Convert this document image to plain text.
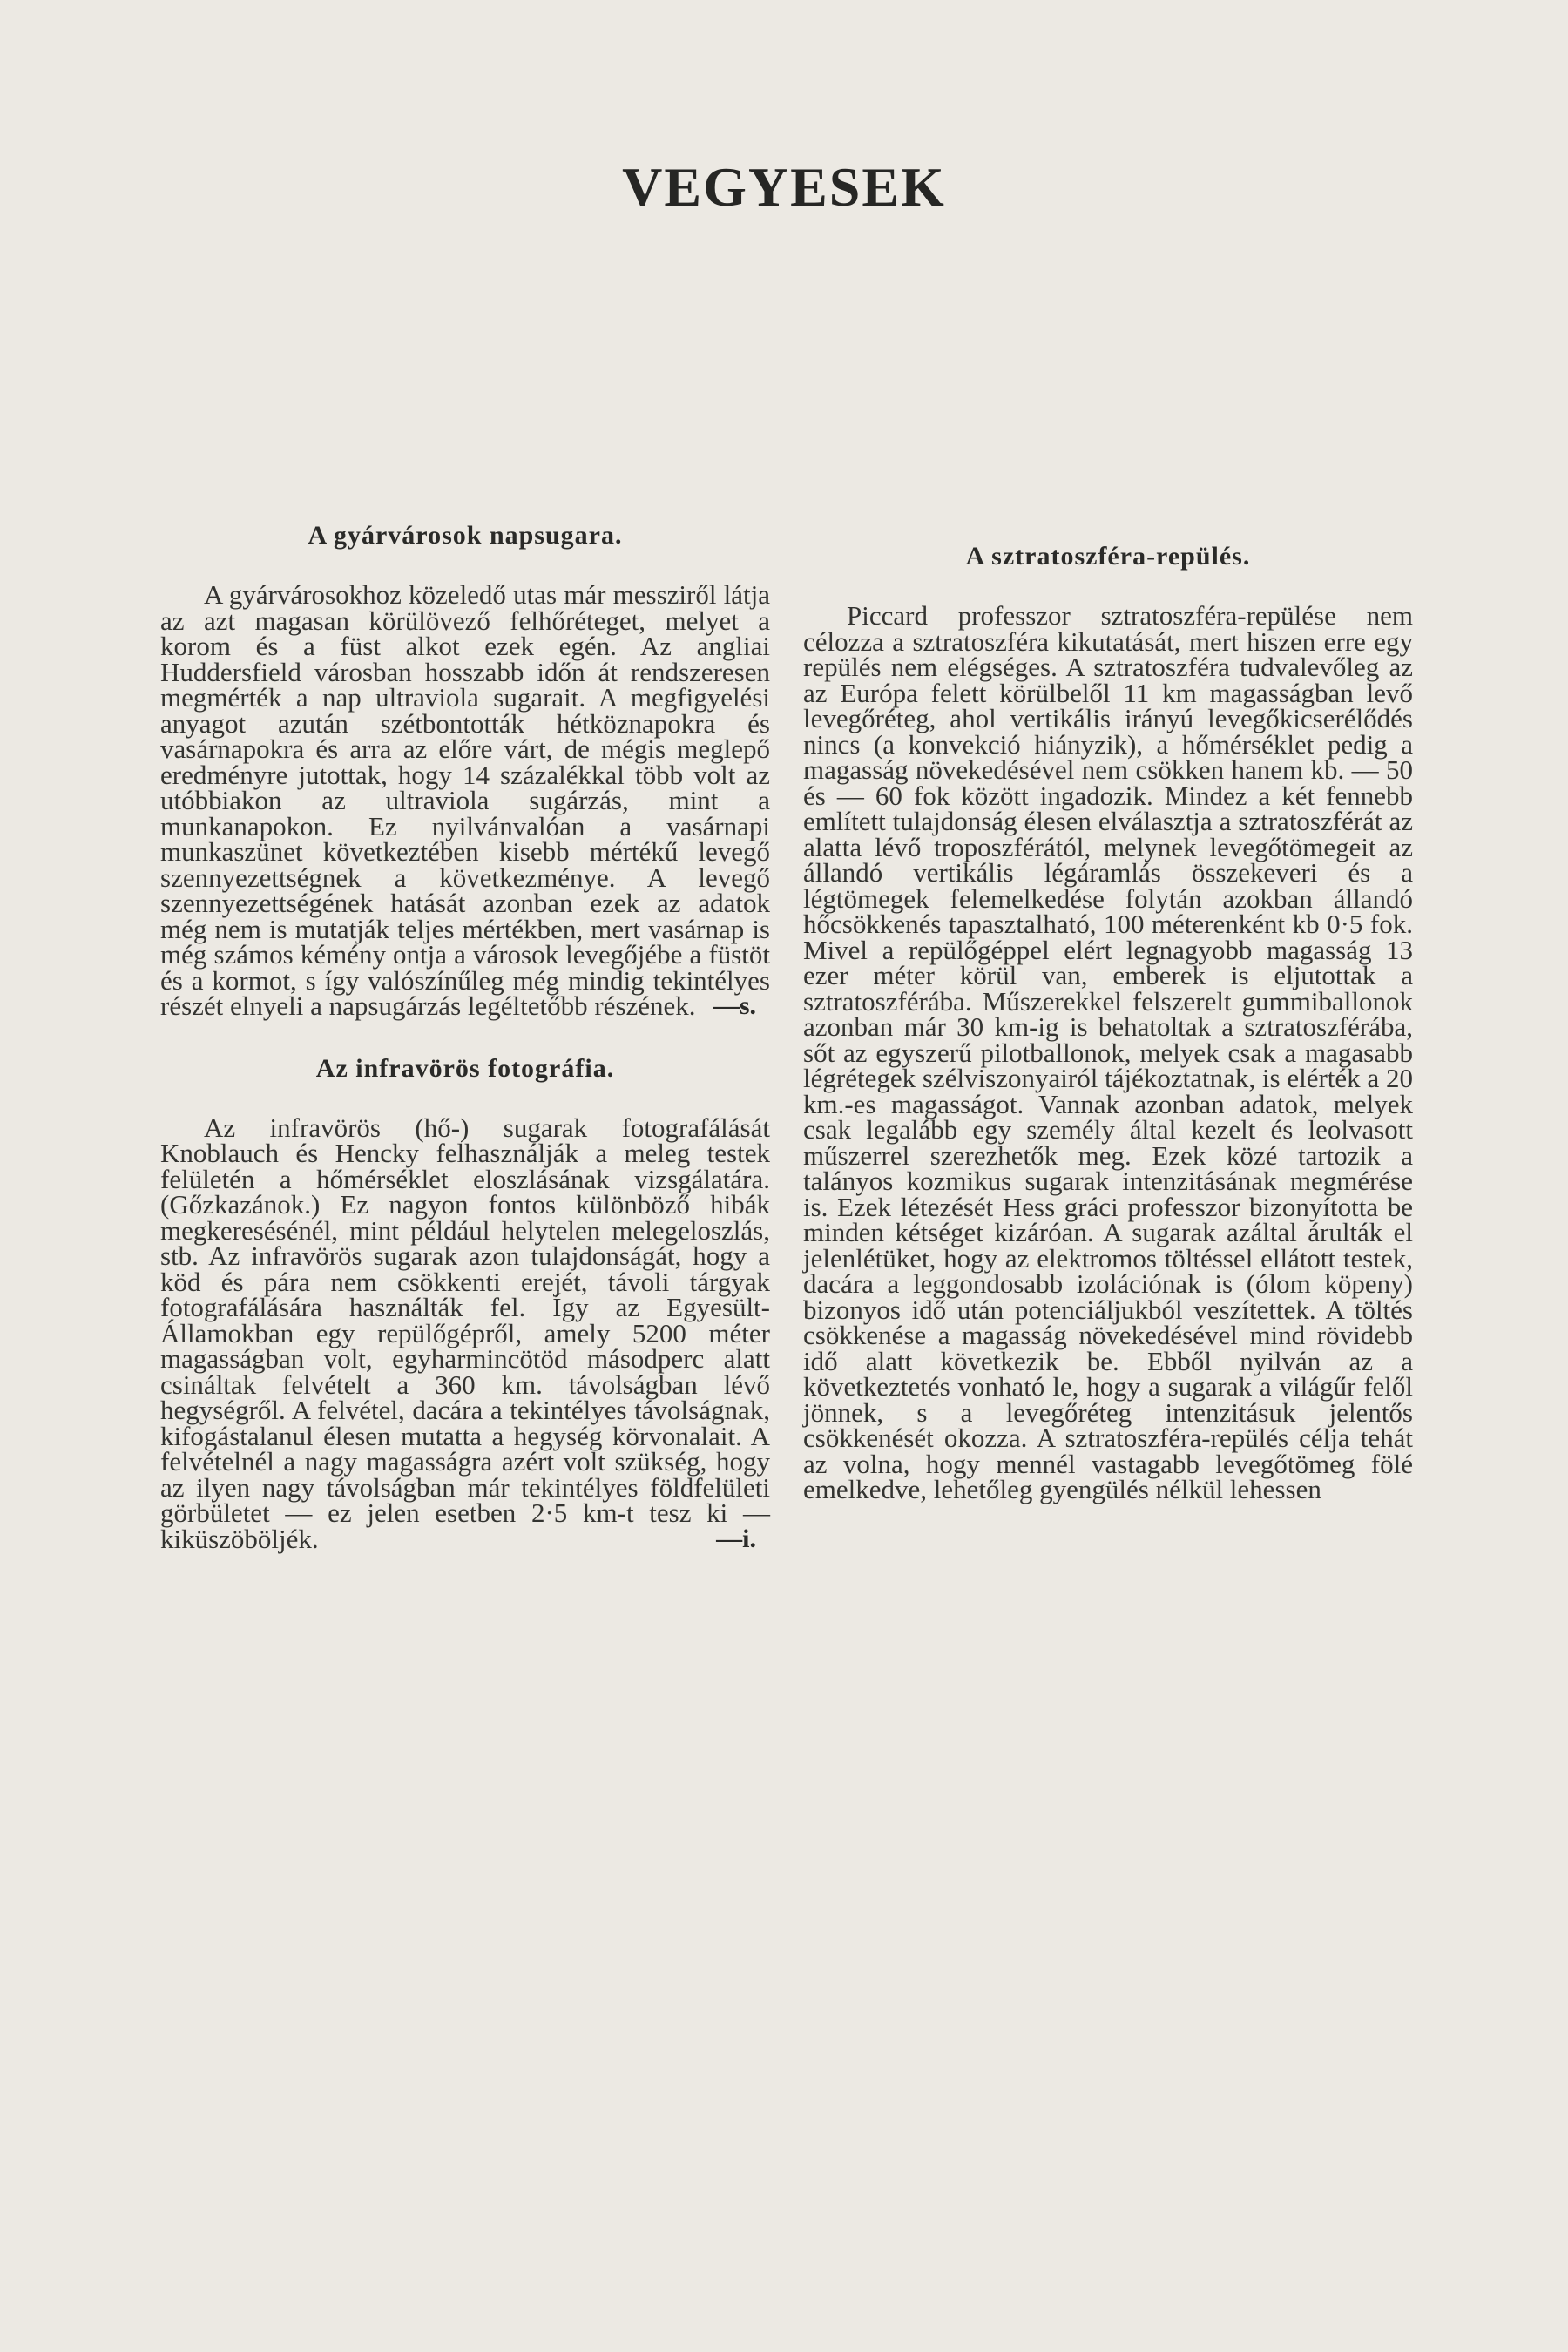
VEGYESEK
A gyárvárosok napsugara.

A gyárvárosokhoz közeledő utas már messziről látja az azt magasan körülövező felhőréteget, melyet a korom és a füst alkot ezek egén. Az angliai Huddersfield városban hosszabb időn át rendszeresen megmérték a nap ultraviola sugarait. A megfigyelési anyagot azután szétbontották hétköznapokra és vasárnapokra és arra az előre várt, de mégis meglepő eredményre jutottak, hogy 14 százalékkal több volt az utóbbiakon az ultraviola sugárzás, mint a munkanapokon. Ez nyilvánvalóan a vasárnapi munkaszünet következtében kisebb mértékű levegő szennyezettségnek a következménye. A levegő szennyezettségének hatását azonban ezek az adatok még nem is mutatják teljes mértékben, mert vasárnap is még számos kémény ontja a városok levegőjébe a füstöt és a kormot, s így valószínűleg még mindig tekintélyes részét elnyeli a napsugárzás legéltetőbb részének. —s.
Az infravörös fotográfia.

Az infravörös (hő-) sugarak fotografálását Knoblauch és Hencky felhasználják a meleg testek felületén a hőmérséklet eloszlásának vizsgálatára. (Gőzkazánok.) Ez nagyon fontos különböző hibák megkeresésénél, mint például helytelen melegeloszlás, stb. Az infravörös sugarak azon tulajdonságát, hogy a köd és pára nem csökkenti erejét, távoli tárgyak fotografálására használták fel. Így az Egyesült-Államokban egy repülőgépről, amely 5200 méter magasságban volt, egyharmincötöd másodperc alatt csináltak felvételt a 360 km. távolságban lévő hegységről. A felvétel, dacára a tekintélyes távolságnak, kifogástalanul élesen mutatta a hegység körvonalait. A felvételnél a nagy magasságra azért volt szükség, hogy az ilyen nagy távolságban már tekintélyes földfelületi görbületet — ez jelen esetben 2·5 km-t tesz ki — kiküszöböljék.	—i.
A sztratoszféra-repülés.

Piccard professzor sztratoszféra-repülése nem célozza a sztratoszféra kikutatását, mert hiszen erre egy repülés nem elégséges. A sztratoszféra tudvalevőleg az az Európa felett körülbelől 11 km magasságban levő levegőréteg, ahol vertikális irányú levegőkicserélődés nincs (a konvekció hiányzik), a hőmérséklet pedig a magasság növekedésével nem csökken hanem kb. — 50 és — 60 fok között ingadozik. Mindez a két fennebb említett tulajdonság élesen elválasztja a sztratoszférát az alatta lévő troposzférától, melynek levegőtömegeit az állandó vertikális légáramlás összekeveri és a légtömegek felemelkedése folytán azokban állandó hőcsökkenés tapasztalható, 100 méterenként kb 0·5 fok. Mivel a repülőgéppel elért legnagyobb magasság 13 ezer méter körül van, emberek is eljutottak a sztratoszférába. Műszerekkel felszerelt gummiballonok azonban már 30 km-ig is behatoltak a sztratoszférába, sőt az egyszerű pilotballonok, melyek csak a magasabb légrétegek szélviszonyairól tájékoztatnak, is elérték a 20 km.-es magasságot. Vannak azonban adatok, melyek csak legalább egy személy által kezelt és leolvasott műszerrel szerezhetők meg. Ezek közé tartozik a talányos kozmikus sugarak intenzitásának megmérése is. Ezek létezését Hess gráci professzor bizonyította be minden kétséget kizáróan. A sugarak azáltal árulták el jelenlétüket, hogy az elektromos töltéssel ellátott testek, dacára a leggondosabb izolációnak is (ólom köpeny) bizonyos idő után potenciáljukból veszítettek. A töltés csökkenése a magasság növekedésével mind rövidebb idő alatt következik be. Ebből nyilván az a következtetés vonható le, hogy a sugarak a világűr felől jönnek, s a levegőréteg intenzitásuk jelentős csökkenését okozza. A sztratoszféra-repülés célja tehát az volna, hogy mennél vastagabb levegőtömeg fölé emelkedve, lehetőleg gyengülés nélkül lehessen
